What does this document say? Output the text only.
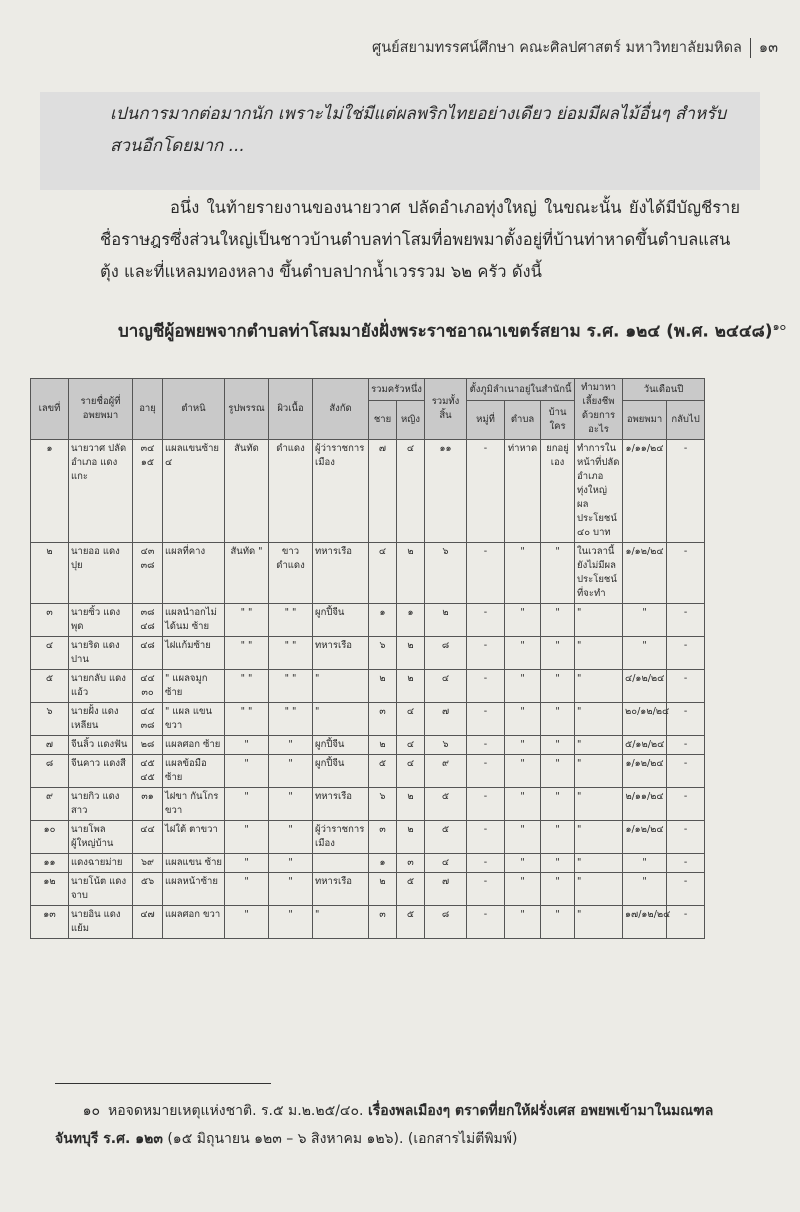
ศูนย์สยามทรรศน์ศึกษา คณะศิลปศาสตร์ มหาวิทยาลัยมหิดล ๑๓
เปนการมากต่อมากนัก เพราะไม่ใช่มีแต่ผลพริกไทยอย่างเดียว ย่อมมีผลไม้อื่นๆ สำหรับสวนอีกโดยมาก ...
อนึ่ง ในท้ายรายงานของนายวาศ ปลัดอำเภอทุ่งใหญ่ ในขณะนั้น ยังได้มีบัญชีรายชื่อราษฎรซึ่งส่วนใหญ่เป็นชาวบ้านตำบลท่าโสมที่อพยพมาตั้งอยู่ที่บ้านท่าหาดขึ้นตำบลแสนตุ้ง และที่แหลมทองหลาง ขึ้นตำบลปากน้ำเวรรวม ๖๒ ครัว ดังนี้
บาญชีผู้อพยพจากตำบลท่าโสมมายังฝั่งพระราชอาณาเขตร์สยาม ร.ศ. ๑๒๔ (พ.ศ. ๒๔๔๘)$^{๑๐}$
เลขที่	รายชื่อผู้ที่อพยพมา	อายุ	ตำหนิ	รูปพรรณ	ผิวเนื้อ	สังกัด	รวมครัวหนึ่ง		รวมทั้งสิ้น	ตั้งภูมิลำเนาอยู่ในสำนักนี้			ทำมาหาเลี้ยงชีพด้วยการอะไร	วันเดือนปี	
							ชาย	หญิง		หมู่ที่	ตำบล	บ้านใคร		อพยพมา	กลับไป
๑	นายวาศ ปลัดอำเภอ แดงแกะ	๓๔ ๑๕	แผลแขนซ้าย ๔	สันทัด	ดำแดง	ผู้ว่าราชการเมือง	๗	๔	๑๑	-	ท่าหาด	ยกอยู่เอง	ทำการในหน้าที่ปลัดอำเภอทุ่งใหญ่ ผลประโยชน์ ๔๐ บาท	๑/๑๑/๒๔	-
๒	นายออ แดงปุย	๔๓ ๓๘	แผลที่คาง	สันทัด "	ขาว ดำแดง	ทหารเรือ	๔	๒	๖	-	"	"	ในเวลานี้ยังไม่มีผลประโยชน์ที่จะทำ	๑/๑๒/๒๔	-
๓	นายซิ้ว แดงพุด	๓๘ ๔๘	แผลนำอกไม่ได้นม ซ้าย	" "	" "	ผูกปี้จีน	๑	๑	๒	-	"	"	"	"	-
๔	นายริด แดงปาน	๔๘	ไฝแก้มซ้าย	" "	" "	ทหารเรือ	๖	๒	๘	-	"	"	"	"	-
๕	นายกลับ แดงแอ้ว	๔๔ ๓๐	" แผลจมูก ซ้าย	" "	" "	"	๒	๒	๔	-	"	"	"	๔/๑๒/๒๔	-
๖	นายฝั้ง แดงเหลียน	๔๔ ๓๘	" แผล แขนขวา	" "	" "	"	๓	๔	๗	-	"	"	"	๒๐/๑๒/๒๔	-
๗	จีนลิ้ว แดงฟัน	๒๘	แผลศอก ซ้าย	"	"	ผูกปี้จีน	๒	๔	๖	-	"	"	"	๕/๑๒/๒๔	-
๘	จีนคาว แดงสี	๔๕ ๔๕	แผลข้อมือ ซ้าย	"	"	ผูกปี้จีน	๕	๔	๙	-	"	"	"	๑/๑๒/๒๔	-
๙	นายกิว แดงสาว	๓๑	ไฝขา กันโกรขวา	"	"	ทหารเรือ	๖	๒	๕	-	"	"	"	๒/๑๑/๒๔	-
๑๐	นายโพล ผู้ใหญ่บ้าน	๔๔	ไฝใต้ ตาขวา	"	"	ผู้ว่าราชการเมือง	๓	๒	๕	-	"	"	"	๑/๑๒/๒๔	-
๑๑	แดงฉายม่าย	๖๙	แผลแขน ซ้าย	"	"		๑	๓	๔	-	"	"	"	"	-
๑๒	นายโน้ต แดงจาบ	๕๖	แผลหน้าซ้าย	"	"	ทหารเรือ	๒	๕	๗	-	"	"	"	"	-
๑๓	นายอิน แดงแย้ม	๔๗	แผลศอก ขวา	"	"	"	๓	๕	๘	-	"	"	"	๑๗/๑๒/๒๔	-
๑๐ หอจดหมายเหตุแห่งชาติ. ร.๕ ม.๒.๒๕/๔๐. เรื่องพลเมืองๆ ตราดที่ยกให้ฝรั่งเศส อพยพเข้ามาในมณฑลจันทบุรี ร.ศ. ๑๒๓ (๑๕ มิถุนายน ๑๒๓ – ๖ สิงหาคม ๑๒๖). (เอกสารไม่ตีพิมพ์)
